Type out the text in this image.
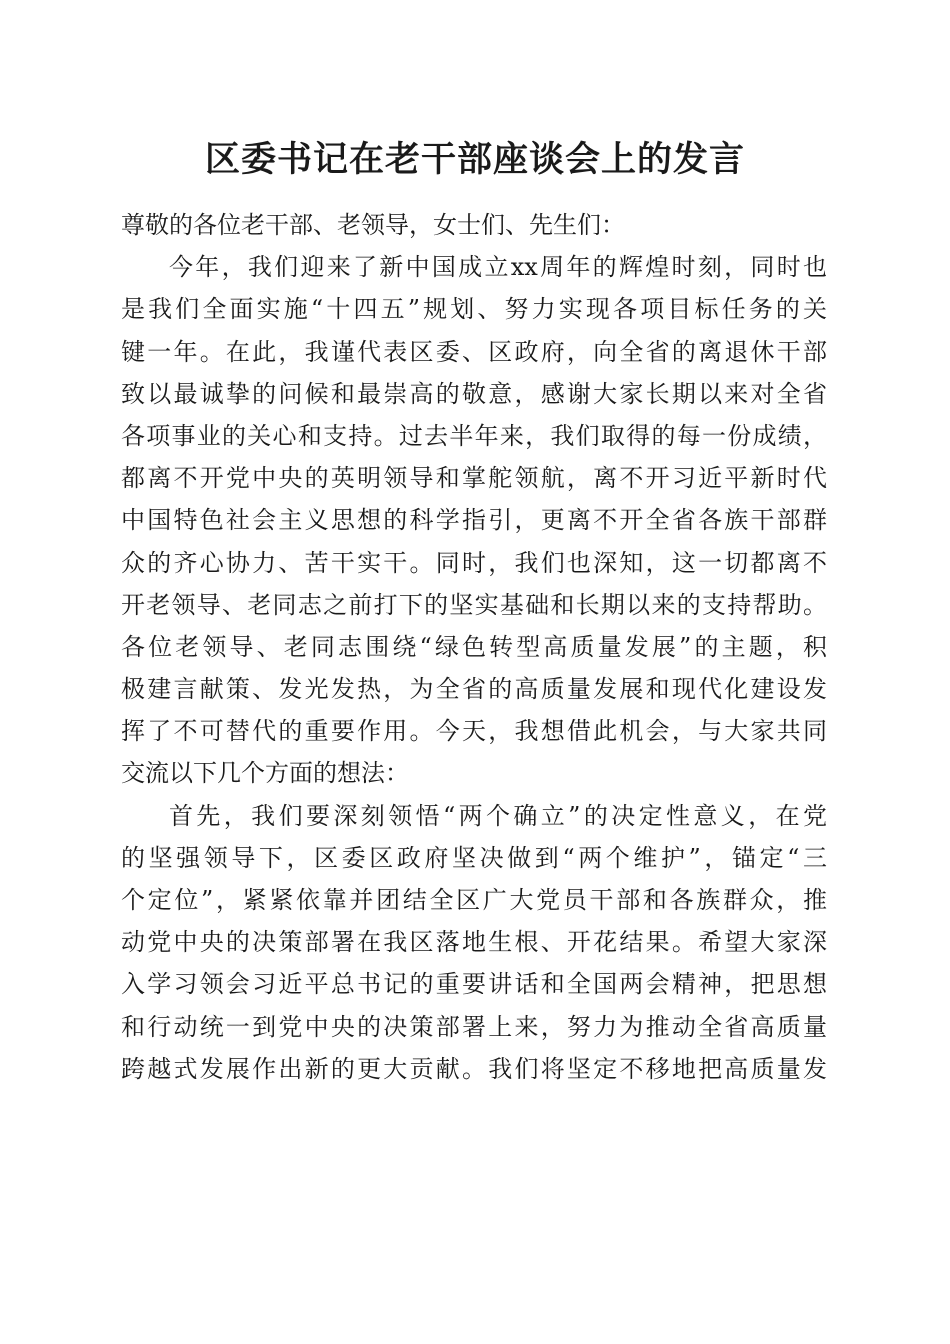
区委书记在老干部座谈会上的发言
尊敬的各位老干部、老领导，女士们、先生们：
今年，我们迎来了新中国成立xx周年的辉煌时刻，同时也
是我们全面实施“十四五”规划、努力实现各项目标任务的关
键一年。在此，我谨代表区委、区政府，向全省的离退休干部
致以最诚挚的问候和最崇高的敬意，感谢大家长期以来对全省
各项事业的关心和支持。过去半年来，我们取得的每一份成绩，
都离不开党中央的英明领导和掌舵领航，离不开习近平新时代
中国特色社会主义思想的科学指引，更离不开全省各族干部群
众的齐心协力、苦干实干。同时，我们也深知，这一切都离不
开老领导、老同志之前打下的坚实基础和长期以来的支持帮助。
各位老领导、老同志围绕“绿色转型高质量发展”的主题，积
极建言献策、发光发热，为全省的高质量发展和现代化建设发
挥了不可替代的重要作用。今天，我想借此机会，与大家共同
交流以下几个方面的想法：
首先，我们要深刻领悟“两个确立”的决定性意义，在党
的坚强领导下，区委区政府坚决做到“两个维护”，锚定“三
个定位”，紧紧依靠并团结全区广大党员干部和各族群众，推
动党中央的决策部署在我区落地生根、开花结果。希望大家深
入学习领会习近平总书记的重要讲话和全国两会精神，把思想
和行动统一到党中央的决策部署上来，努力为推动全省高质量
跨越式发展作出新的更大贡献。我们将坚定不移地把高质量发
